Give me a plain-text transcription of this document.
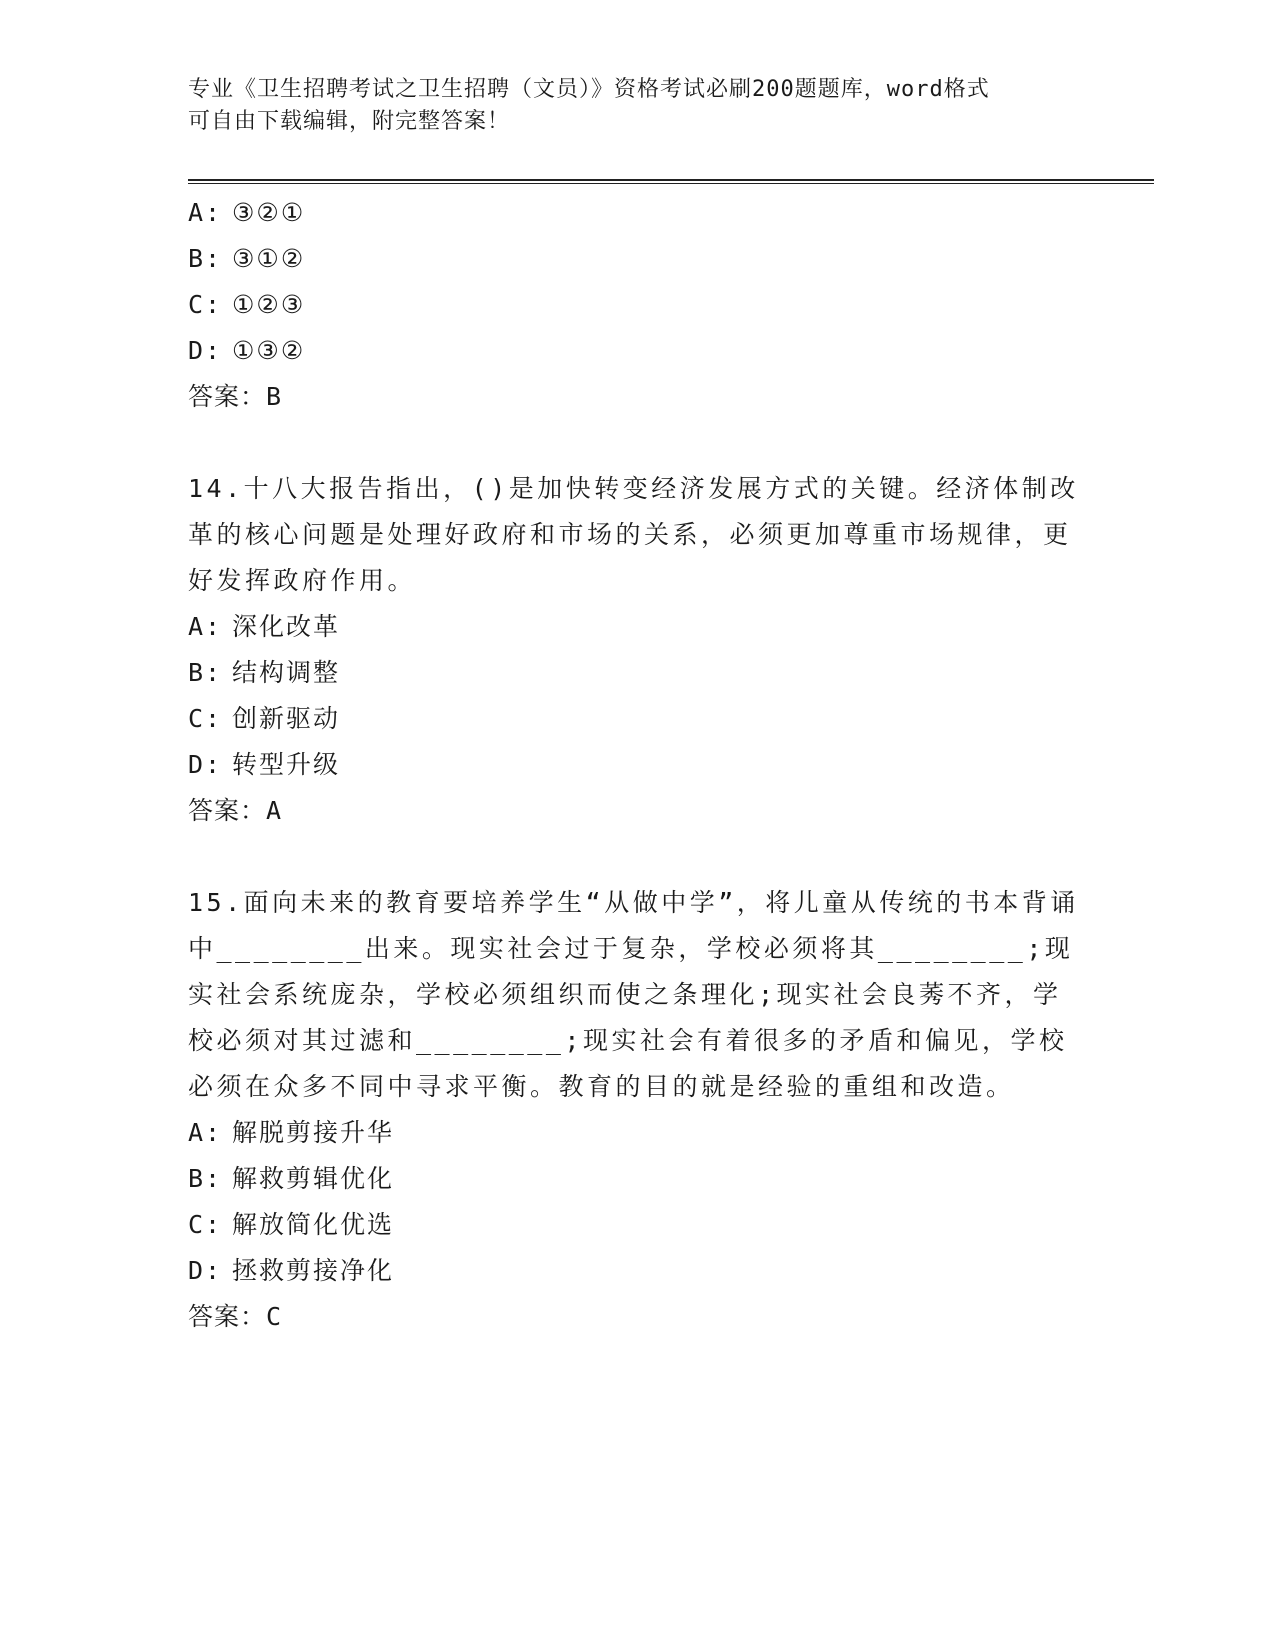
专业《卫生招聘考试之卫生招聘（文员）》资格考试必刷200题题库，word格式
可自由下载编辑，附完整答案！
A: ③②①
B: ③①②
C: ①②③
D: ①③②
答案：B
14.十八大报告指出，()是加快转变经济发展方式的关键。经济体制改革的核心问题是处理好政府和市场的关系，必须更加尊重市场规律，更好发挥政府作用。
A: 深化改革
B: 结构调整
C: 创新驱动
D: 转型升级
答案：A
15.面向未来的教育要培养学生“从做中学”，将儿童从传统的书本背诵中________出来。现实社会过于复杂，学校必须将其________;现实社会系统庞杂，学校必须组织而使之条理化;现实社会良莠不齐，学校必须对其过滤和________;现实社会有着很多的矛盾和偏见，学校必须在众多不同中寻求平衡。教育的目的就是经验的重组和改造。
A: 解脱剪接升华
B: 解救剪辑优化
C: 解放简化优选
D: 拯救剪接净化
答案：C
